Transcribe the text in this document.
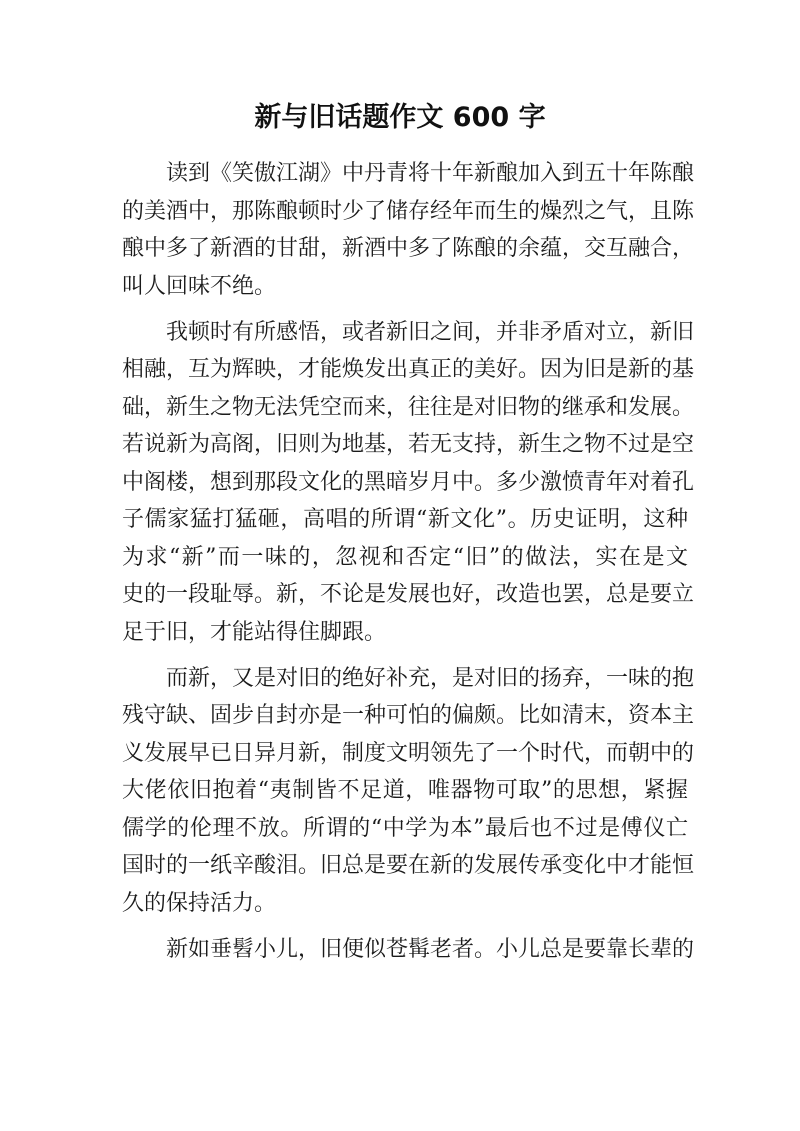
新与旧话题作文 600 字
读到《笑傲江湖》中丹青将十年新酿加入到五十年陈酿
的美酒中，那陈酿顿时少了储存经年而生的燥烈之气，且陈
酿中多了新酒的甘甜，新酒中多了陈酿的余蕴，交互融合，
叫人回味不绝。
我顿时有所感悟，或者新旧之间，并非矛盾对立，新旧
相融，互为辉映，才能焕发出真正的美好。因为旧是新的基
础，新生之物无法凭空而来，往往是对旧物的继承和发展。
若说新为高阁，旧则为地基，若无支持，新生之物不过是空
中阁楼，想到那段文化的黑暗岁月中。多少激愤青年对着孔
子儒家猛打猛砸，高唱的所谓“新文化”。历史证明，这种
为求“新”而一味的，忽视和否定“旧”的做法，实在是文
史的一段耻辱。新，不论是发展也好，改造也罢，总是要立
足于旧，才能站得住脚跟。
而新，又是对旧的绝好补充，是对旧的扬弃，一味的抱
残守缺、固步自封亦是一种可怕的偏颇。比如清末，资本主
义发展早已日异月新，制度文明领先了一个时代，而朝中的
大佬依旧抱着“夷制皆不足道，唯器物可取”的思想，紧握
儒学的伦理不放。所谓的“中学为本”最后也不过是傅仪亡
国时的一纸辛酸泪。旧总是要在新的发展传承变化中才能恒
久的保持活力。
新如垂髫小儿，旧便似苍髯老者。小儿总是要靠长辈的
